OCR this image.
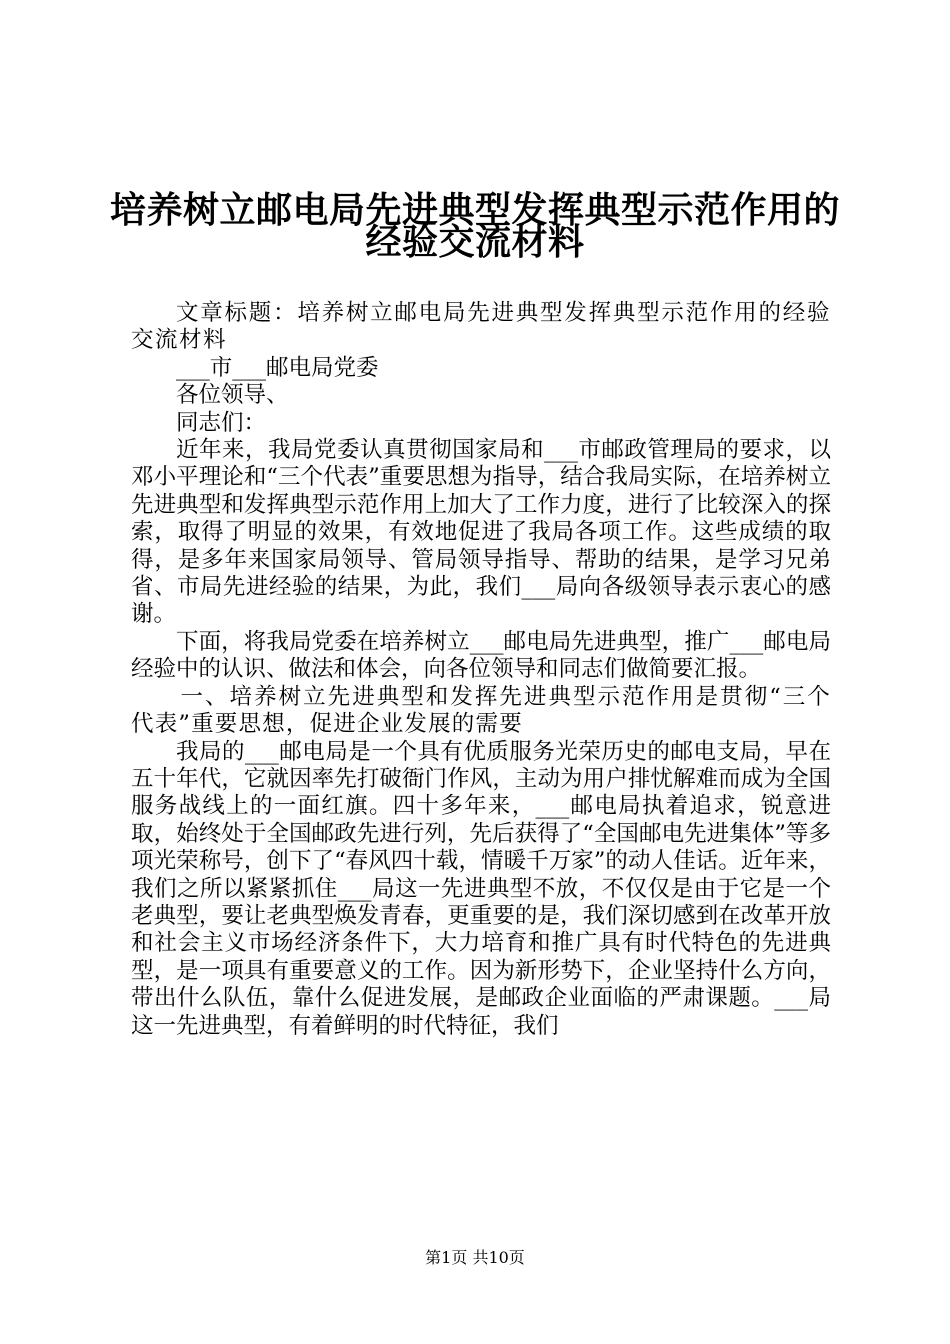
培养树立邮电局先进典型发挥典型示范作用的
经验交流材料

文章标题：培养树立邮电局先进典型发挥典型示范作用的经验交流材料

___市___邮电局党委

各位领导、

同志们：

近年来，我局党委认真贯彻国家局和___市邮政管理局的要求，以邓小平理论和“三个代表”重要思想为指导，结合我局实际，在培养树立先进典型和发挥典型示范作用上加大了工作力度，进行了比较深入的探索，取得了明显的效果，有效地促进了我局各项工作。这些成绩的取得，是多年来国家局领导、管局领导指导、帮助的结果，是学习兄弟省、市局先进经验的结果，为此，我们___局向各级领导表示衷心的感谢。

下面，将我局党委在培养树立___邮电局先进典型，推广___邮电局经验中的认识、做法和体会，向各位领导和同志们做简要汇报。

一、培养树立先进典型和发挥先进典型示范作用是贯彻“三个代表”重要思想，促进企业发展的需要

我局的___邮电局是一个具有优质服务光荣历史的邮电支局，早在五十年代，它就因率先打破衙门作风，主动为用户排忧解难而成为全国服务战线上的一面红旗。四十多年来，___邮电局执着追求，锐意进取，始终处于全国邮政先进行列，先后获得了“全国邮电先进集体”等多项光荣称号，创下了“春风四十载，情暖千万家”的动人佳话。近年来，我们之所以紧紧抓住___局这一先进典型不放，不仅仅是由于它是一个老典型，要让老典型焕发青春，更重要的是，我们深切感到在改革开放和社会主义市场经济条件下，大力培育和推广具有时代特色的先进典型，是一项具有重要意义的工作。因为新形势下，企业坚持什么方向，带出什么队伍，靠什么促进发展，是邮政企业面临的严肃课题。___局这一先进典型，有着鲜明的时代特征，我们

第1页 共10页
